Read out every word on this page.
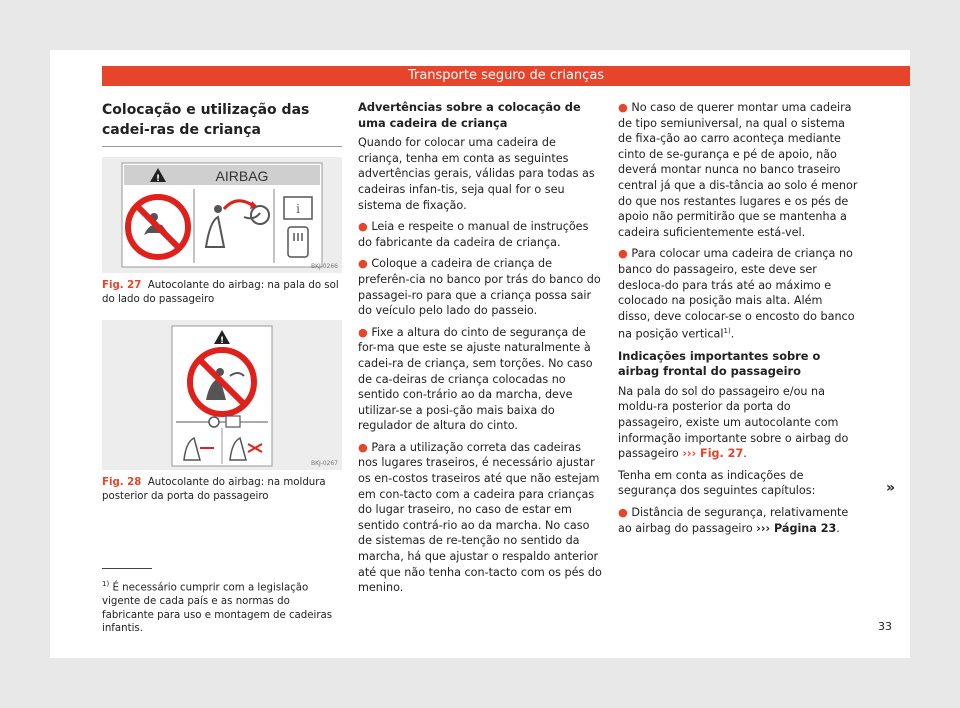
Transporte seguro de crianças
Colocação e utilização das cadei-ras de criança
!	AIRBAG
i
BKJ-0266

Fig. 27 Autocolante do airbag: na pala do sol do lado do passageiro

!
BKJ-0267

Fig. 28 Autocolante do airbag: na moldura posterior da porta do passageiro

$^{1)}$ É necessário cumprir com a legislação vigente de cada país e as normas do fabricante para uso e montagem de cadeiras infantis.
Advertências sobre a colocação de uma cadeira de criança

Quando for colocar uma cadeira de criança, tenha em conta as seguintes advertências gerais, válidas para todas as cadeiras infan-tis, seja qual for o seu sistema de fixação.

● Leia e respeite o manual de instruções do fabricante da cadeira de criança.

● Coloque a cadeira de criança de preferên-cia no banco por trás do banco do passagei-ro para que a criança possa sair do veículo pelo lado do passeio.

● Fixe a altura do cinto de segurança de for-ma que este se ajuste naturalmente à cadei-ra de criança, sem torções. No caso de ca-deiras de criança colocadas no sentido con-trário ao da marcha, deve utilizar-se a posi-ção mais baixa do regulador de altura do cinto.

● Para a utilização correta das cadeiras nos lugares traseiros, é necessário ajustar os en-costos traseiros até que não estejam em con-tacto com a cadeira para crianças do lugar traseiro, no caso de estar em sentido contrá-rio ao da marcha. No caso de sistemas de re-tenção no sentido da marcha, há que ajustar o respaldo anterior até que não tenha con-tacto com os pés do menino.

● No caso de querer montar uma cadeira de tipo semiuniversal, na qual o sistema de fixa-ção ao carro aconteça mediante cinto de se-gurança e pé de apoio, não deverá montar nunca no banco traseiro central já que a dis-tância ao solo é menor do que nos restantes lugares e os pés de apoio não permitirão que se mantenha a cadeira suficientemente está-vel.

● Para colocar uma cadeira de criança no banco do passageiro, este deve ser desloca-do para trás até ao máximo e colocado na posição mais alta. Além disso, deve colocar-se o encosto do banco na posição vertical$^{1)}$.

Indicações importantes sobre o airbag frontal do passageiro

Na pala do sol do passageiro e/ou na moldu-ra posterior da porta do passageiro, existe um autocolante com informação importante sobre o airbag do passageiro ››› Fig. 27.

Tenha em conta as indicações de segurança dos seguintes capítulos:

● Distância de segurança, relativamente ao airbag do passageiro ››› Página 23.

»
33
